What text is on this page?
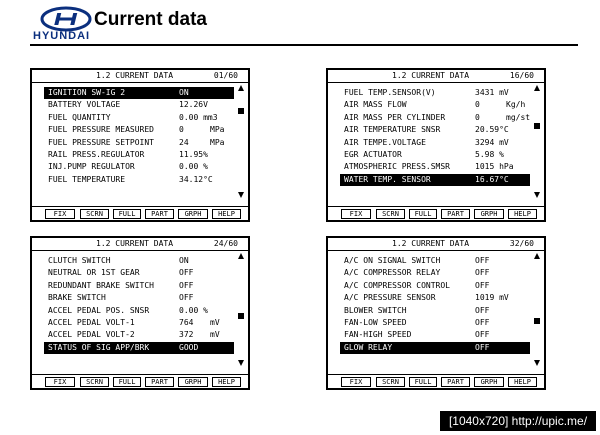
HYUNDAI
Current data
1.2 CURRENT DATA	01/60
IGNITION SW-IG 2	ON
BATTERY VOLTAGE	12.26V
FUEL QUANTITY	0.00 mm3
FUEL PRESSURE MEASURED	0	MPa
FUEL PRESSURE SETPOINT	24	MPa
RAIL PRESS.REGULATOR	11.95%
INJ.PUMP REGULATOR	0.00 %
FUEL TEMPERATURE	34.12°C
FIX	SCRN	FULL	PART	GRPH	HELP
1.2 CURRENT DATA	16/60
FUEL TEMP.SENSOR(V)	3431 mV
AIR MASS FLOW	0	Kg/h
AIR MASS PER CYLINDER	0	mg/st
AIR TEMPERATURE SNSR	20.59°C
AIR TEMPE.VOLTAGE	3294 mV
EGR ACTUATOR	5.98 %
ATMOSPHERIC PRESS.SMSR	1015 hPa
WATER TEMP. SENSOR	16.67°C
FIX	SCRN	FULL	PART	GRPH	HELP
1.2 CURRENT DATA	24/60
CLUTCH SWITCH	ON
NEUTRAL OR 1ST GEAR	OFF
REDUNDANT BRAKE SWITCH	OFF
BRAKE SWITCH	OFF
ACCEL PEDAL POS. SNSR	0.00 %
ACCEL PEDAL VOLT-1	764 mV
ACCEL PEDAL VOLT-2	372 mV
STATUS OF SIG APP/BRK	GOOD
FIX	SCRN	FULL	PART	GRPH	HELP
1.2 CURRENT DATA	32/60
A/C ON SIGNAL SWITCH	OFF
A/C COMPRESSOR RELAY	OFF
A/C COMPRESSOR CONTROL	OFF
A/C PRESSURE SENSOR	1019 mV
BLOWER SWITCH	OFF
FAN-LOW SPEED	OFF
FAN-HIGH SPEED	OFF
GLOW RELAY	OFF
FIX	SCRN	FULL	PART	GRPH	HELP
[1040x720] http://upic.me/
